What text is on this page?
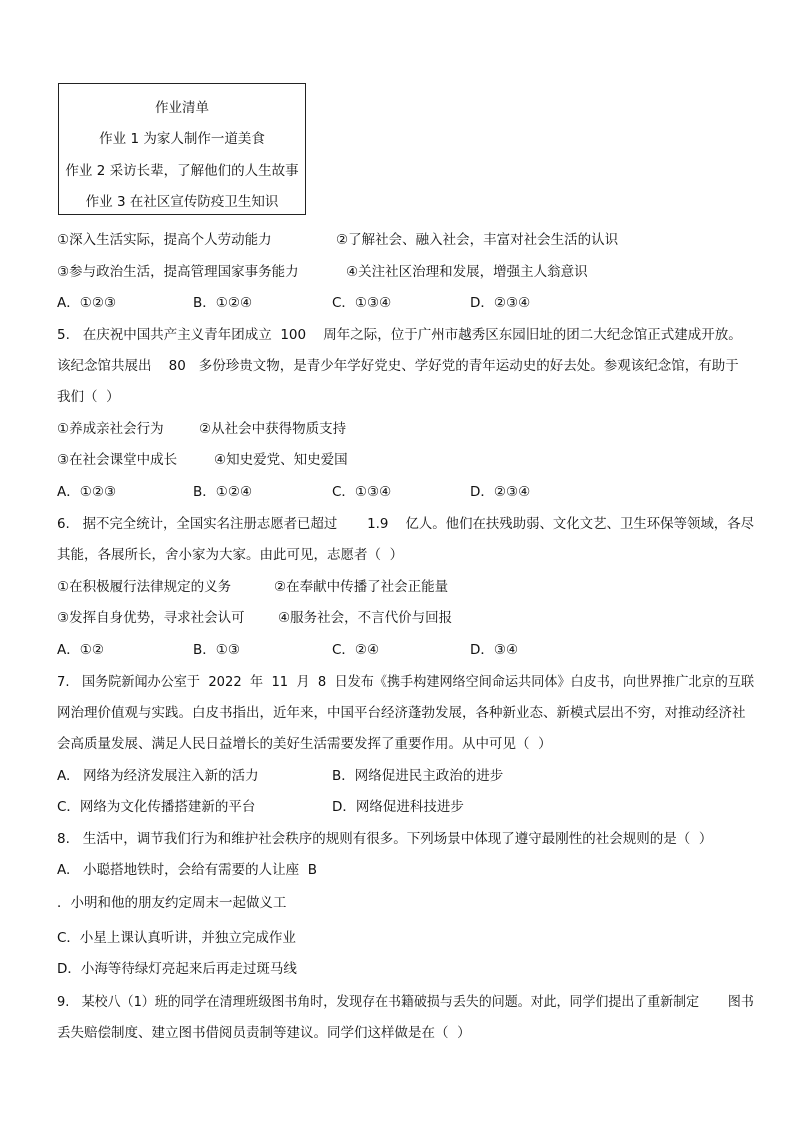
作业清单
作业 1 为家人制作一道美食
作业 2 采访长辈，了解他们的人生故事
作业 3 在社区宣传防疫卫生知识
①深入生活实际，提高个人劳动能力	②了解社会、融入社会，丰富对社会生活的认识
③参与政治生活，提高管理国家事务能力	④关注社区治理和发展，增强主人翁意识
A．①②③	B．①②④	C．①③④	D．②③④
5.   在庆祝中国共产主义青年团成立  100    周年之际，位于广州市越秀区东园旧址的团二大纪念馆正式建成开放。
该纪念馆共展出    80   多份珍贵文物，是青少年学好党史、学好党的青年运动史的好去处。参观该纪念馆，有助于
我们（  ）
①养成亲社会行为	②从社会中获得物质支持
③在社会课堂中成长	④知史爱党、知史爱国
A．①②③	B．①②④	C．①③④	D．②③④
6.   据不完全统计，全国实名注册志愿者已超过       1.9    亿人。他们在扶残助弱、文化文艺、卫生环保等领域，各尽
其能，各展所长，舍小家为大家。由此可见，志愿者（  ）
①在积极履行法律规定的义务	②在奉献中传播了社会正能量
③发挥自身优势，寻求社会认可 ④服务社会，不言代价与回报
A．①②	B．①③	C．②④	D．③④
7.   国务院新闻办公室于  2022  年  11  月  8  日发布《携手构建网络空间命运共同体》白皮书，向世界推广北京的互联
网治理价值观与实践。白皮书指出，近年来，中国平台经济蓬勃发展，各种新业态、新模式层出不穷，对推动经济社
会高质量发展、满足人民日益增长的美好生活需要发挥了重要作用。从中可见（  ）
A.   网络为经济发展注入新的活力	B．网络促进民主政治的进步
C．网络为文化传播搭建新的平台	D．网络促进科技进步
8.   生活中，调节我们行为和维护社会秩序的规则有很多。下列场景中体现了遵守最刚性的社会规则的是（  ）
A.   小聪搭地铁时，会给有需要的人让座  B
．小明和他的朋友约定周末一起做义工
C．小星上课认真听讲，并独立完成作业
D．小海等待绿灯亮起来后再走过斑马线
9.   某校八（1）班的同学在清理班级图书角时，发现存在书籍破损与丢失的问题。对此，同学们提出了重新制定       图书
丢失赔偿制度、建立图书借阅员责制等建议。同学们这样做是在（  ）
